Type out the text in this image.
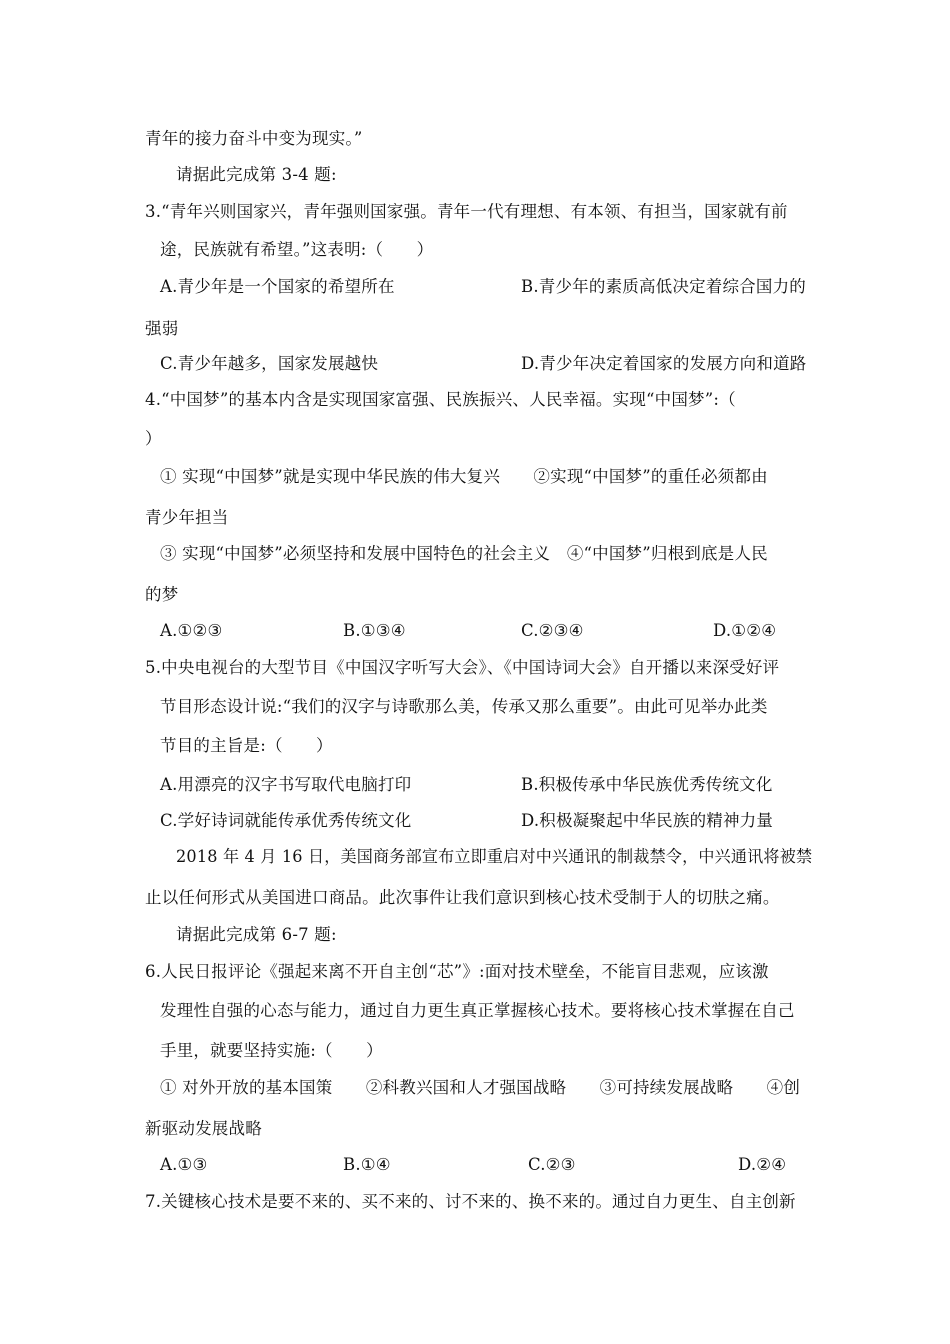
青年的接力奋斗中变为现实。”
请据此完成第 3-4 题:
3.“青年兴则国家兴，青年强则国家强。青年一代有理想、有本领、有担当，国家就有前
途，民族就有希望。”这表明:（　　）
A.青少年是一个国家的希望所在	B.青少年的素质高低决定着综合国力的
强弱
C.青少年越多，国家发展越快	D.青少年决定着国家的发展方向和道路
4.“中国梦”的基本内含是实现国家富强、民族振兴、人民幸福。实现“中国梦”:（
）
① 实现“中国梦”就是实现中华民族的伟大复兴　　②实现“中国梦”的重任必须都由
青少年担当
③ 实现“中国梦”必须坚持和发展中国特色的社会主义　④“中国梦”归根到底是人民
的梦
A.①②③	B.①③④	C.②③④	D.①②④
5.中央电视台的大型节目《中国汉字听写大会》、《中国诗词大会》自开播以来深受好评
节目形态设计说:“我们的汉字与诗歌那么美，传承又那么重要”。由此可见举办此类
节目的主旨是:（　　）
A.用漂亮的汉字书写取代电脑打印	B.积极传承中华民族优秀传统文化
C.学好诗词就能传承优秀传统文化	D.积极凝聚起中华民族的精神力量
2018 年 4 月 16 日，美国商务部宣布立即重启对中兴通讯的制裁禁令，中兴通讯将被禁
止以任何形式从美国进口商品。此次事件让我们意识到核心技术受制于人的切肤之痛。
请据此完成第 6-7 题:
6.人民日报评论《强起来离不开自主创“芯”》:面对技术壁垒，不能盲目悲观，应该激
发理性自强的心态与能力，通过自力更生真正掌握核心技术。要将核心技术掌握在自己
手里，就要坚持实施:（　　）
① 对外开放的基本国策　　②科教兴国和人才强国战略　　③可持续发展战略　　④创
新驱动发展战略
A.①③	B.①④	C.②③	D.②④
7.关键核心技术是要不来的、买不来的、讨不来的、换不来的。通过自力更生、自主创新
